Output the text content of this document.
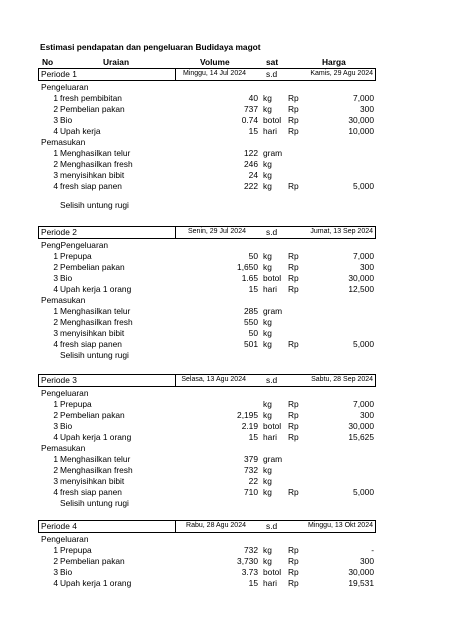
Estimasi pendapatan dan pengeluaran Budidaya magot
No	Uraian	Volume	sat	Harga
Periode 1	Minggu, 14 Jul 2024 s.d	Kamis, 29 Agu 2024
Pengeluaran
1 fresh pembibitan	40 kg Rp	7,000
2 Pembelian pakan	737 kg Rp	300
3 Bio	0.74 botol Rp	30,000
4 Upah kerja	15 hari Rp	10,000
Pemasukan
1 Menghasilkan telur	122 gram
2 Menghasilkan fresh	246 kg
3 menyisihkan bibit	24 kg
4 fresh siap panen	222 kg Rp	5,000
Selisih untung rugi
Periode 2	Senin, 29 Jul 2024 s.d	Jumat, 13 Sep 2024
PengPengeluaran
1 Prepupa	50 kg Rp	7,000
2 Pembelian pakan	1,650 kg Rp	300
3 Bio	1.65 botol Rp	30,000
4 Upah kerja 1 orang	15 hari Rp	12,500
Pemasukan
1 Menghasilkan telur	285 gram
2 Menghasilkan fresh	550 kg
3 menyisihkan bibit	50 kg
4 fresh siap panen	501 kg Rp	5,000
Selisih untung rugi
Periode 3	Selasa, 13 Agu 2024 s.d	Sabtu, 28 Sep 2024
Pengeluaran
1 Prepupa	kg Rp	7,000
2 Pembelian pakan	2,195 kg Rp	300
3 Bio	2.19 botol Rp	30,000
4 Upah kerja 1 orang	15 hari Rp	15,625
Pemasukan
1 Menghasilkan telur	379 gram
2 Menghasilkan fresh	732 kg
3 menyisihkan bibit	22 kg
4 fresh siap panen	710 kg Rp	5,000
Selisih untung rugi
Periode 4	Rabu, 28 Agu 2024 s.d	Minggu, 13 Okt 2024
Pengeluaran
1 Prepupa	732 kg Rp	-
2 Pembelian pakan	3,730 kg Rp	300
3 Bio	3.73 botol Rp	30,000
4 Upah kerja 1 orang	15 hari Rp	19,531
